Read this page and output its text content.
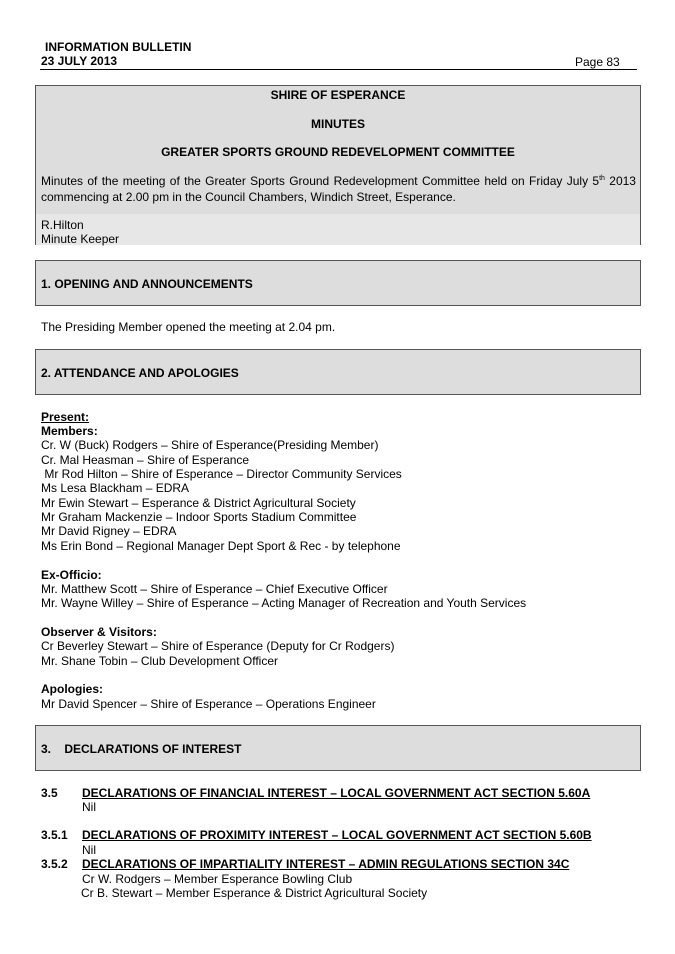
INFORMATION BULLETIN
23 JULY 2013	Page 83
SHIRE OF ESPERANCE
MINUTES
GREATER SPORTS GROUND REDEVELOPMENT COMMITTEE
Minutes of the meeting of the Greater Sports Ground Redevelopment Committee held on Friday July 5th 2013 commencing at 2.00 pm in the Council Chambers, Windich Street, Esperance.
R.Hilton
Minute Keeper
1. OPENING AND ANNOUNCEMENTS
The Presiding Member opened the meeting at 2.04 pm.
2. ATTENDANCE AND APOLOGIES
Present:
Members:
Cr. W (Buck) Rodgers – Shire of Esperance(Presiding Member)
Cr. Mal Heasman – Shire of Esperance
Mr Rod Hilton – Shire of Esperance – Director Community Services
Ms Lesa Blackham – EDRA
Mr Ewin Stewart – Esperance & District Agricultural Society
Mr Graham Mackenzie – Indoor Sports Stadium Committee
Mr David Rigney – EDRA
Ms Erin Bond – Regional Manager Dept Sport & Rec - by telephone
Ex-Officio:
Mr. Matthew Scott – Shire of Esperance – Chief Executive Officer
Mr. Wayne Willey – Shire of Esperance – Acting Manager of Recreation and Youth Services
Observer & Visitors:
Cr Beverley Stewart – Shire of Esperance (Deputy for Cr Rodgers)
Mr. Shane Tobin – Club Development Officer
Apologies:
Mr David Spencer – Shire of Esperance – Operations Engineer
3.    DECLARATIONS OF INTEREST
3.5 DECLARATIONS OF FINANCIAL INTEREST – LOCAL GOVERNMENT ACT SECTION 5.60A
Nil
3.5.1 DECLARATIONS OF PROXIMITY INTEREST – LOCAL GOVERNMENT ACT SECTION 5.60B
Nil
3.5.2 DECLARATIONS OF IMPARTIALITY INTEREST – ADMIN REGULATIONS SECTION 34C
Cr W. Rodgers – Member Esperance Bowling Club
Cr B. Stewart – Member Esperance & District Agricultural Society
